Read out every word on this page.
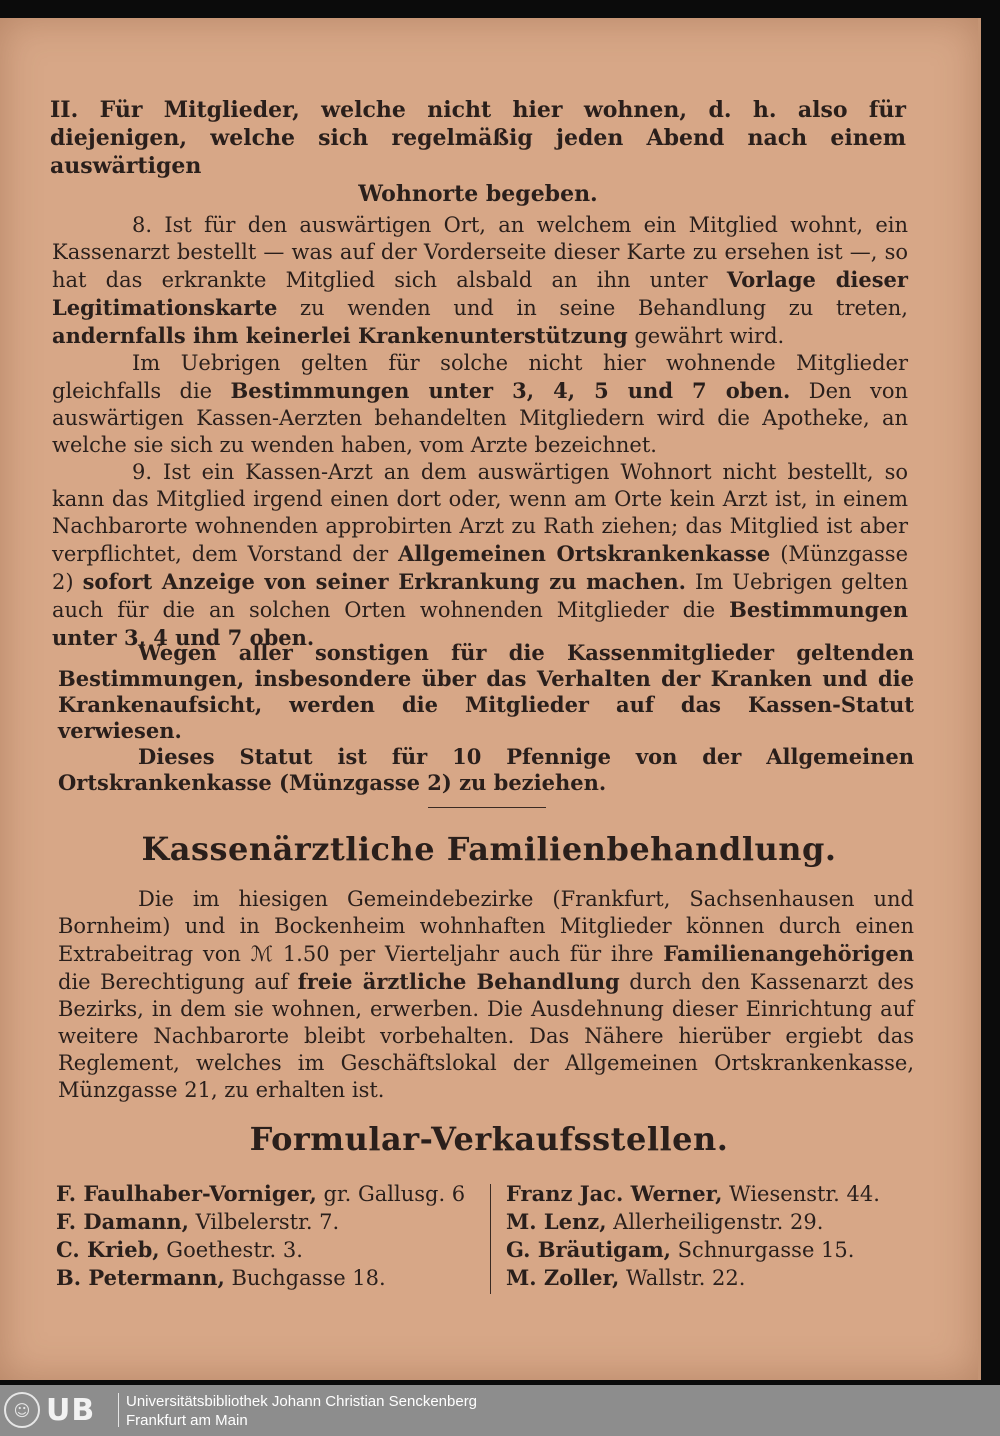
II. Für Mitglieder, welche nicht hier wohnen, d. h. also für diejenigen, welche sich regelmäßig jeden Abend nach einem auswärtigen
Wohnorte begeben.

8. Ist für den auswärtigen Ort, an welchem ein Mitglied wohnt, ein Kassenarzt bestellt — was auf der Vorderseite dieser Karte zu ersehen ist —, so hat das erkrankte Mitglied sich alsbald an ihn unter Vorlage dieser Legitimationskarte zu wenden und in seine Behandlung zu treten, andernfalls ihm keinerlei Krankenunterstützung gewährt wird.

Im Uebrigen gelten für solche nicht hier wohnende Mitglieder gleichfalls die Bestimmungen unter 3, 4, 5 und 7 oben. Den von auswärtigen Kassen-Aerzten behandelten Mitgliedern wird die Apotheke, an welche sie sich zu wenden haben, vom Arzte bezeichnet.

9. Ist ein Kassen-Arzt an dem auswärtigen Wohnort nicht bestellt, so kann das Mitglied irgend einen dort oder, wenn am Orte kein Arzt ist, in einem Nachbarorte wohnenden approbirten Arzt zu Rath ziehen; das Mitglied ist aber verpflichtet, dem Vorstand der Allgemeinen Ortskrankenkasse (Münzgasse 2) sofort Anzeige von seiner Erkrankung zu machen. Im Uebrigen gelten auch für die an solchen Orten wohnenden Mitglieder die Bestimmungen unter 3, 4 und 7 oben.

Wegen aller sonstigen für die Kassenmitglieder geltenden Bestimmungen, insbesondere über das Verhalten der Kranken und die Krankenaufsicht, werden die Mitglieder auf das Kassen-Statut verwiesen.

Dieses Statut ist für 10 Pfennige von der Allgemeinen Ortskrankenkasse (Münzgasse 2) zu beziehen.

Kassenärztliche Familienbehandlung.

Die im hiesigen Gemeindebezirke (Frankfurt, Sachsenhausen und Bornheim) und in Bockenheim wohnhaften Mitglieder können durch einen Extrabeitrag von ℳ 1.50 per Vierteljahr auch für ihre Familienangehörigen die Berechtigung auf freie ärztliche Behandlung durch den Kassenarzt des Bezirks, in dem sie wohnen, erwerben. Die Ausdehnung dieser Einrichtung auf weitere Nachbarorte bleibt vorbehalten. Das Nähere hierüber ergiebt das Reglement, welches im Geschäftslokal der Allgemeinen Ortskrankenkasse, Münzgasse 21, zu erhalten ist.

Formular-Verkaufsstellen.
F. Faulhaber-Vorniger, gr. Gallusg. 6
F. Damann, Vilbelerstr. 7.
C. Krieb, Goethestr. 3.
B. Petermann, Buchgasse 18.
Franz Jac. Werner, Wiesenstr. 44.
M. Lenz, Allerheiligenstr. 29.
G. Bräutigam, Schnurgasse 15.
M. Zoller, Wallstr. 22.
☺ UB Universitätsbibliothek Johann Christian Senckenberg
Frankfurt am Main
